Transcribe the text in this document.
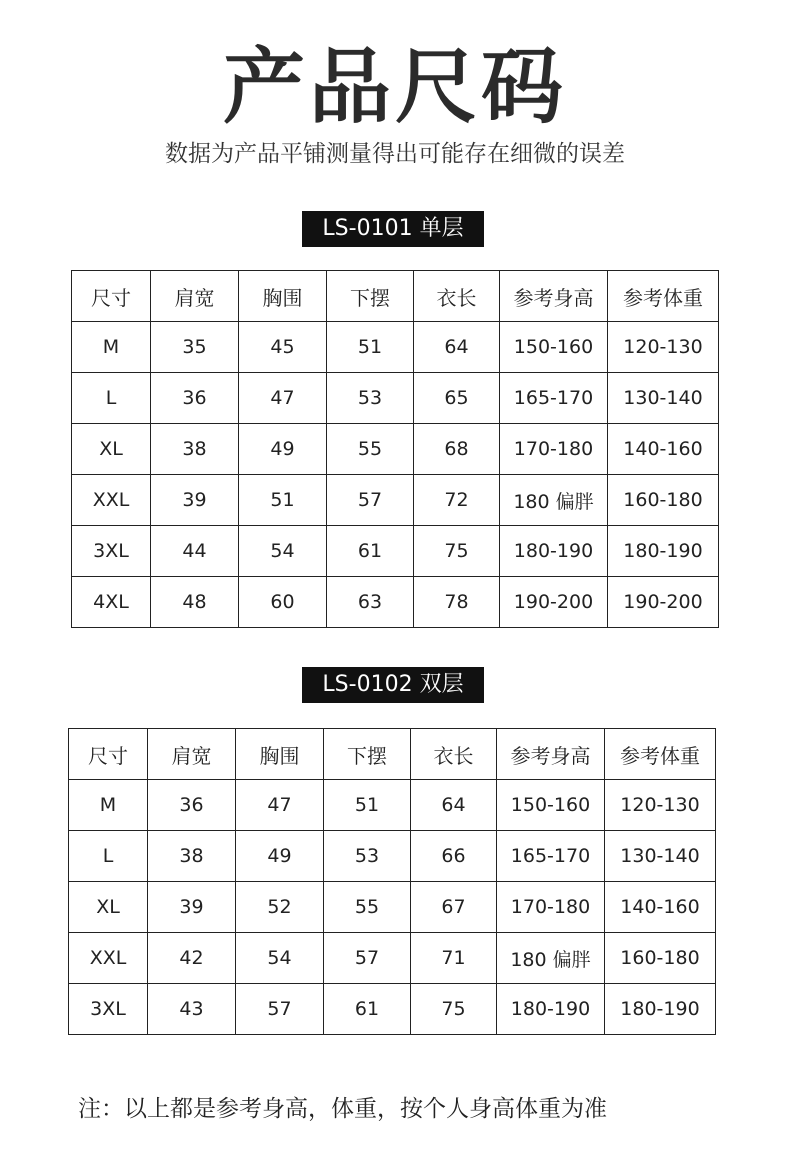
产品尺码
数据为产品平铺测量得出可能存在细微的误差
LS-0101 单层
尺寸	肩宽	胸围	下摆	衣长	参考身高	参考体重
M	35	45	51	64	150-160	120-130
L	36	47	53	65	165-170	130-140
XL	38	49	55	68	170-180	140-160
XXL	39	51	57	72	180 偏胖	160-180
3XL	44	54	61	75	180-190	180-190
4XL	48	60	63	78	190-200	190-200
LS-0102 双层
尺寸	肩宽	胸围	下摆	衣长	参考身高	参考体重
M	36	47	51	64	150-160	120-130
L	38	49	53	66	165-170	130-140
XL	39	52	55	67	170-180	140-160
XXL	42	54	57	71	180 偏胖	160-180
3XL	43	57	61	75	180-190	180-190
注：以上都是参考身高，体重，按个人身高体重为准
